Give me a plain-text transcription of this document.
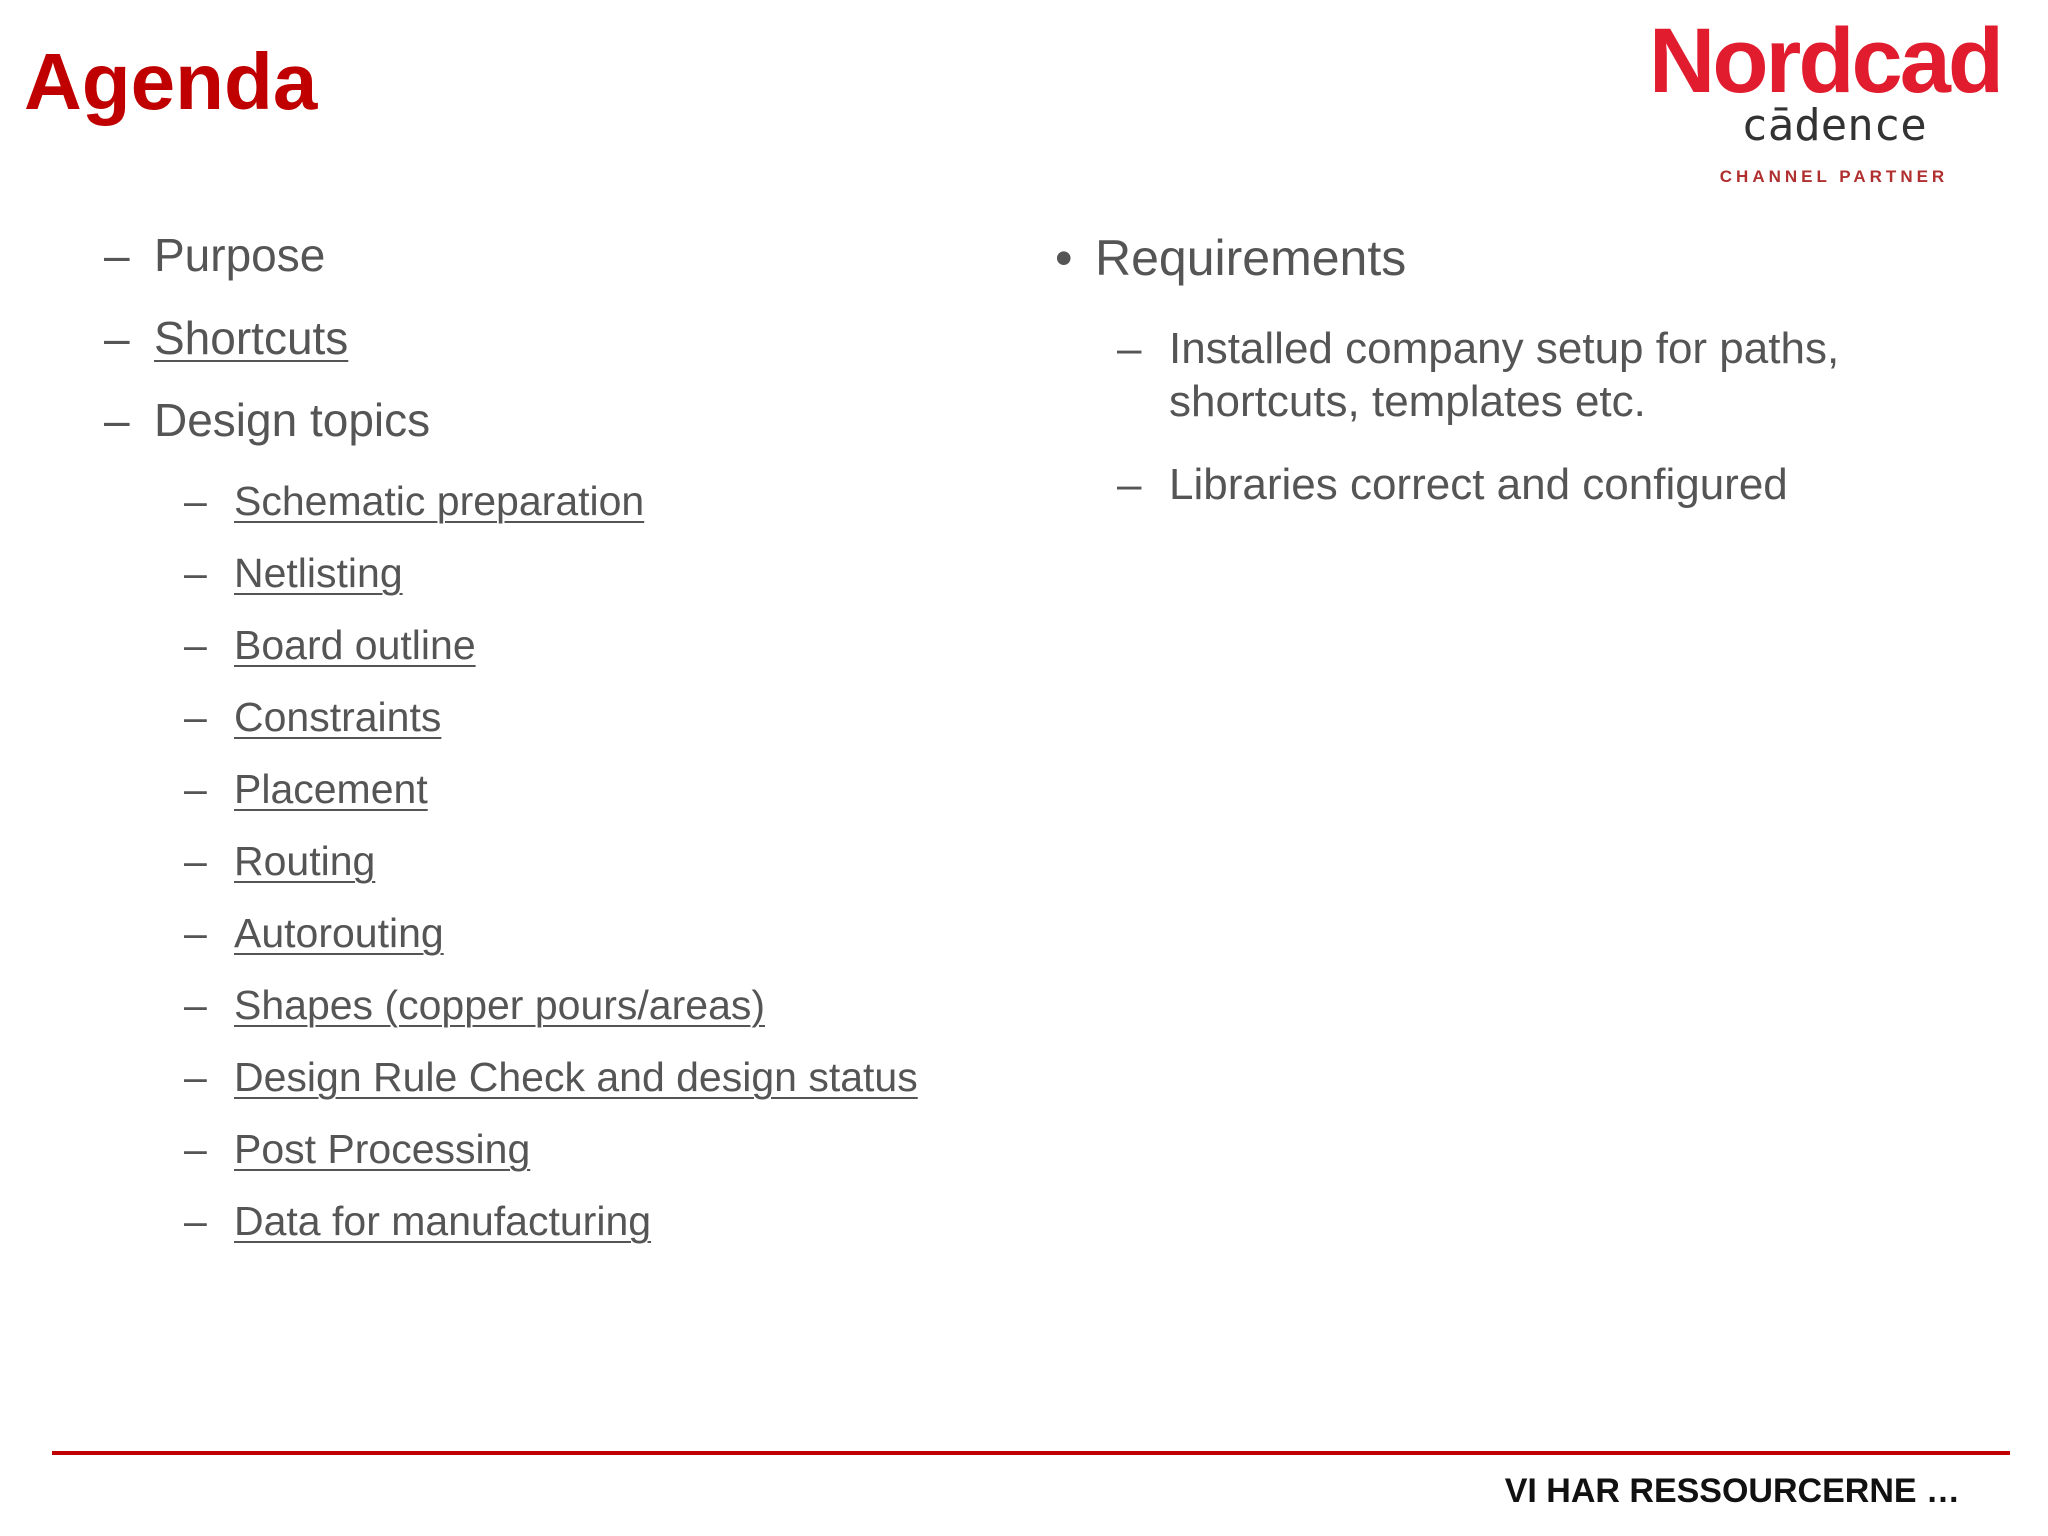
Agenda	Nordcad
cādence
CHANNEL PARTNER
– Purpose
– Shortcuts
– Design topics
– Schematic preparation
– Netlisting
– Board outline
– Constraints
– Placement
– Routing
– Autorouting
– Shapes (copper pours/areas)
– Design Rule Check and design status
– Post Processing
– Data for manufacturing
• Requirements
– Installed company setup for paths,
shortcuts, templates etc.
– Libraries correct and configured
VI HAR RESSOURCERNE …
